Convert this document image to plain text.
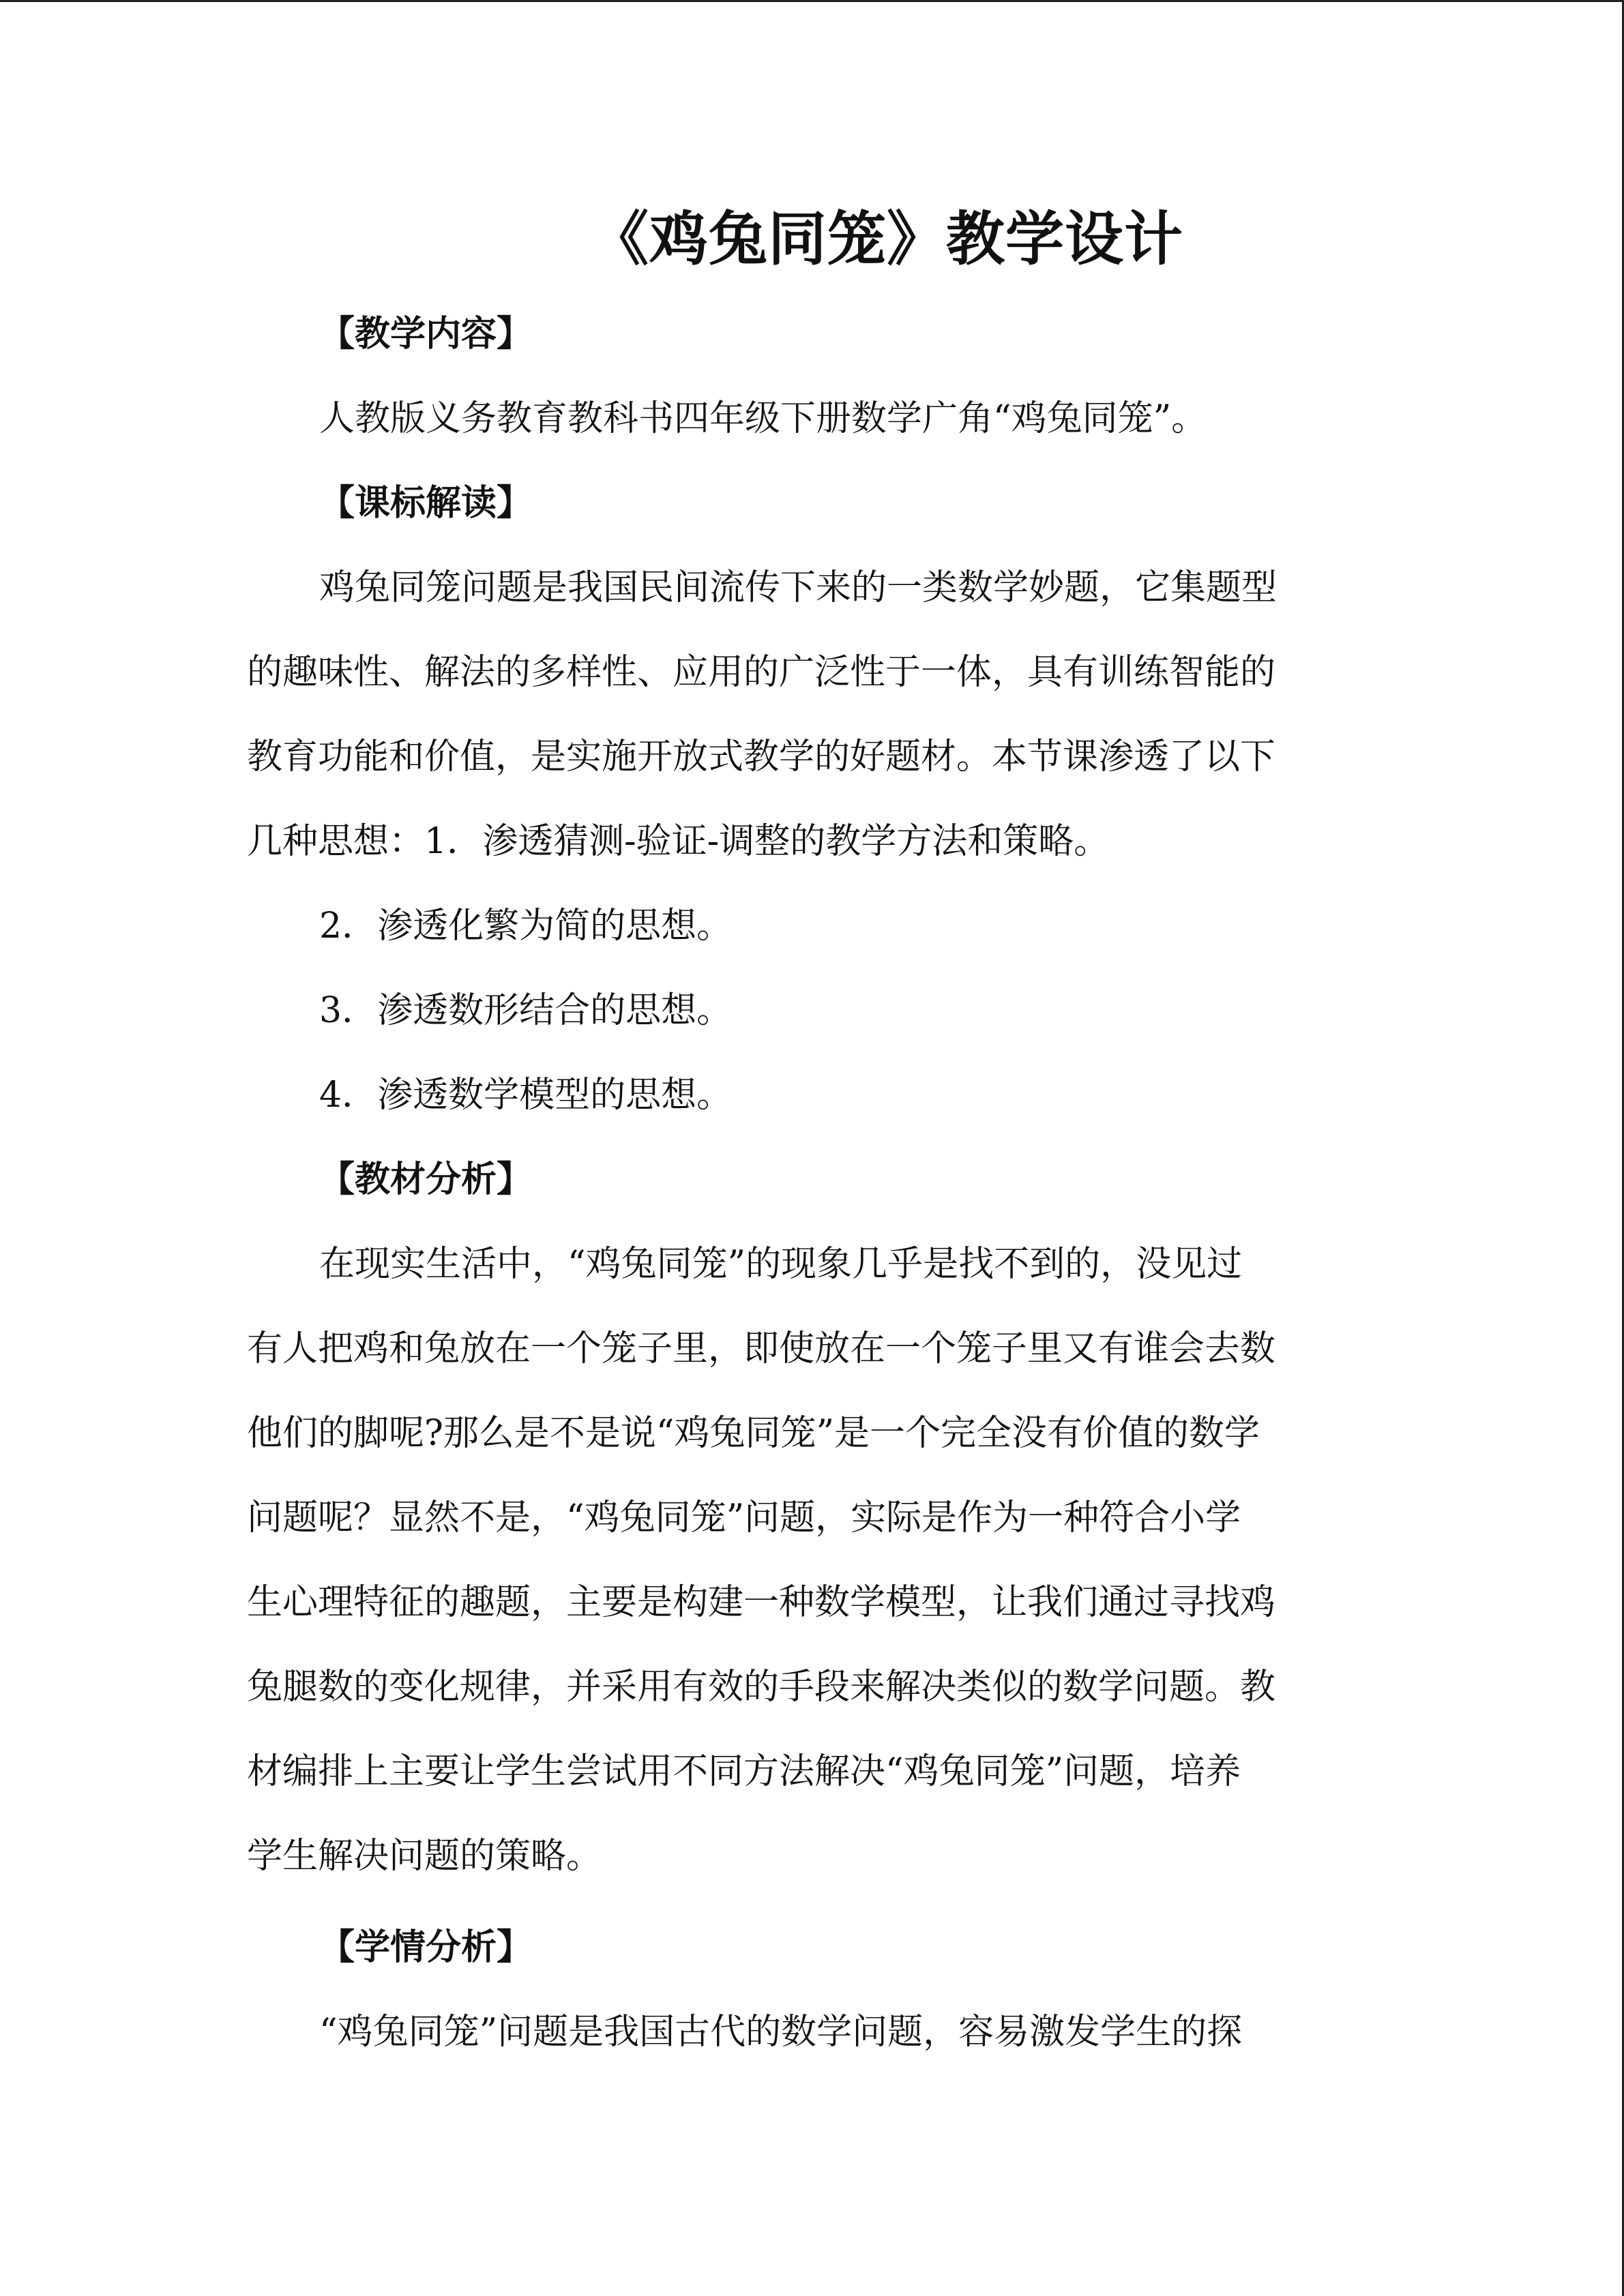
《鸡兔同笼》教学设计
【教学内容】
人教版义务教育教科书四年级下册数学广角“鸡兔同笼”。
【课标解读】
鸡兔同笼问题是我国民间流传下来的一类数学妙题，它集题型
的趣味性、解法的多样性、应用的广泛性于一体，具有训练智能的
教育功能和价值，是实施开放式教学的好题材。本节课渗透了以下
几种思想：1．渗透猜测-验证-调整的教学方法和策略。
2．渗透化繁为简的思想。
3．渗透数形结合的思想。
4．渗透数学模型的思想。
【教材分析】
在现实生活中，“鸡兔同笼”的现象几乎是找不到的，没见过
有人把鸡和兔放在一个笼子里，即使放在一个笼子里又有谁会去数
他们的脚呢?那么是不是说“鸡兔同笼”是一个完全没有价值的数学
问题呢？显然不是，“鸡兔同笼”问题，实际是作为一种符合小学
生心理特征的趣题，主要是构建一种数学模型，让我们通过寻找鸡
兔腿数的变化规律，并采用有效的手段来解决类似的数学问题。教
材编排上主要让学生尝试用不同方法解决“鸡兔同笼”问题，培养
学生解决问题的策略。
【学情分析】
“鸡兔同笼”问题是我国古代的数学问题，容易激发学生的探
